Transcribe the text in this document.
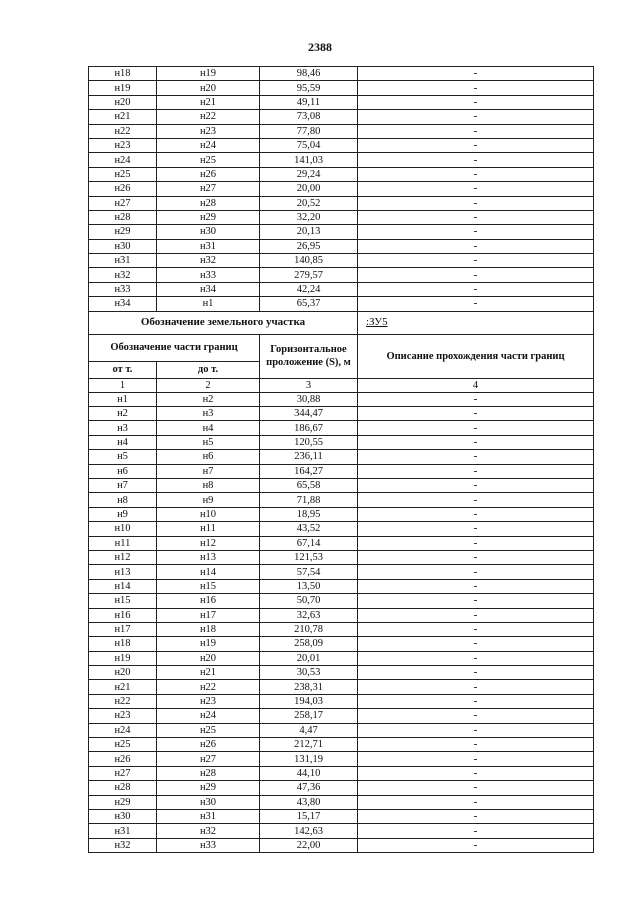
2388
н18	н19	98,46	-
н19	н20	95,59	-
н20	н21	49,11	-
н21	н22	73,08	-
н22	н23	77,80	-
н23	н24	75,04	-
н24	н25	141,03	-
н25	н26	29,24	-
н26	н27	20,00	-
н27	н28	20,52	-
н28	н29	32,20	-
н29	н30	20,13	-
н30	н31	26,95	-
н31	н32	140,85	-
н32	н33	279,57	-
н33	н34	42,24	-
н34	н1	65,37	-
Обозначение земельного участка			:ЗУ5
Обозначение части границ		Горизонтальное проложение (S), м	Описание прохождения части границ
от т.	до т.		
1	2	3	4
н1	н2	30,88	-
н2	н3	344,47	-
н3	н4	186,67	-
н4	н5	120,55	-
н5	н6	236,11	-
н6	н7	164,27	-
н7	н8	65,58	-
н8	н9	71,88	-
н9	н10	18,95	-
н10	н11	43,52	-
н11	н12	67,14	-
н12	н13	121,53	-
н13	н14	57,54	-
н14	н15	13,50	-
н15	н16	50,70	-
н16	н17	32,63	-
н17	н18	210,78	-
н18	н19	258,09	-
н19	н20	20,01	-
н20	н21	30,53	-
н21	н22	238,31	-
н22	н23	194,03	-
н23	н24	258,17	-
н24	н25	4,47	-
н25	н26	212,71	-
н26	н27	131,19	-
н27	н28	44,10	-
н28	н29	47,36	-
н29	н30	43,80	-
н30	н31	15,17	-
н31	н32	142,63	-
н32	н33	22,00	-
